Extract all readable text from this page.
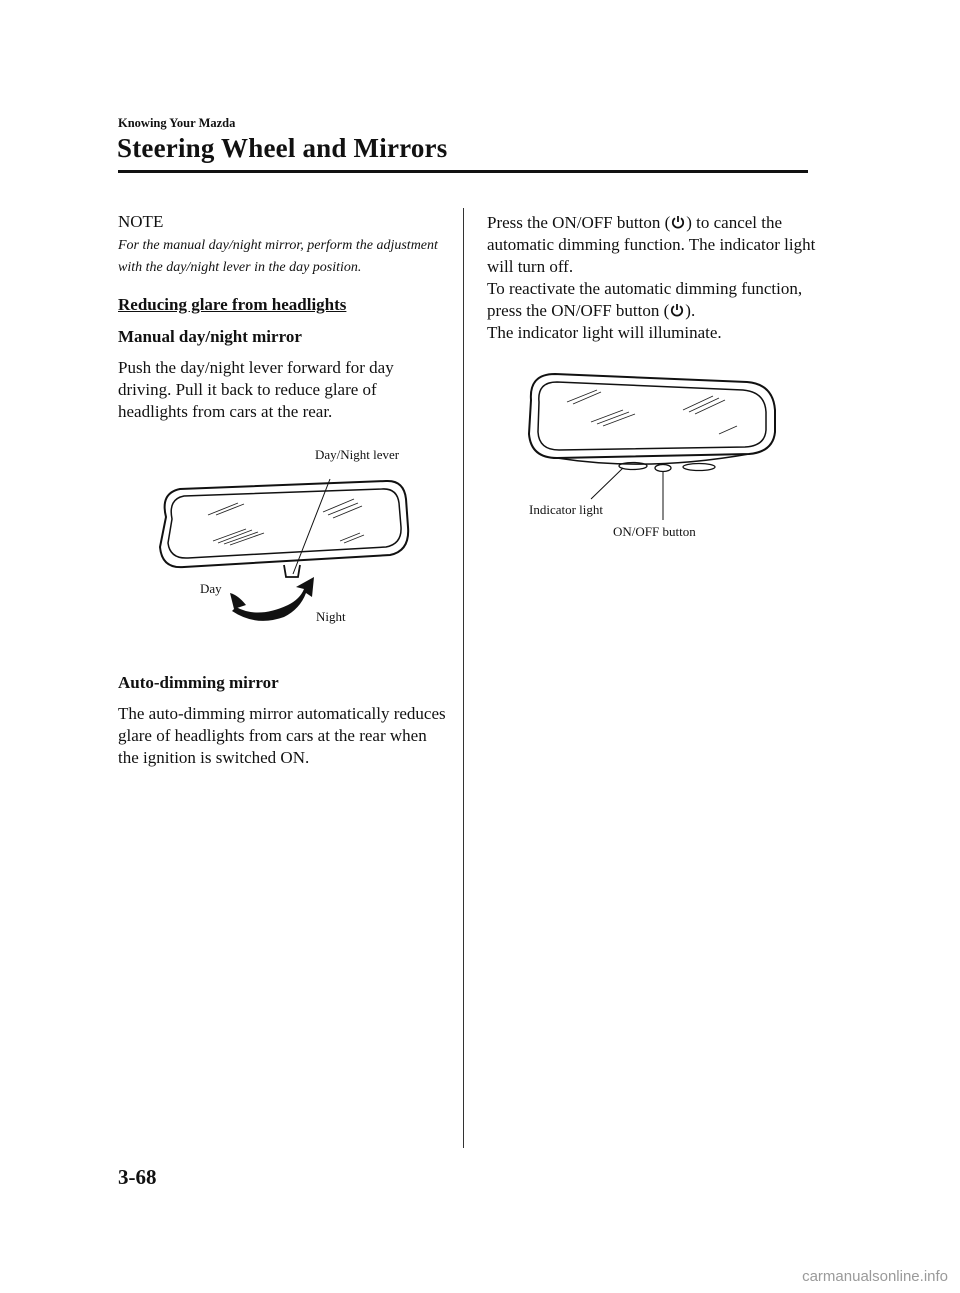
Knowing Your Mazda
Steering Wheel and Mirrors
NOTE

For the manual day/night mirror, perform the adjustment with the day/night lever in the day position.

Reducing glare from headlights
Manual day/night mirror

Push the day/night lever forward for day driving. Pull it back to reduce glare of headlights from cars at the rear.

Day/Night lever
Day
Night
Auto-dimming mirror

The auto-dimming mirror automatically reduces glare of headlights from cars at the rear when the ignition is switched ON.

Press the ON/OFF button ( ) to cancel the automatic dimming function. The indicator light will turn off.

To reactivate the automatic dimming function, press the ON/OFF button ( ).

The indicator light will illuminate.

Indicator light
ON/OFF button
3-68
carmanualsonline.info
